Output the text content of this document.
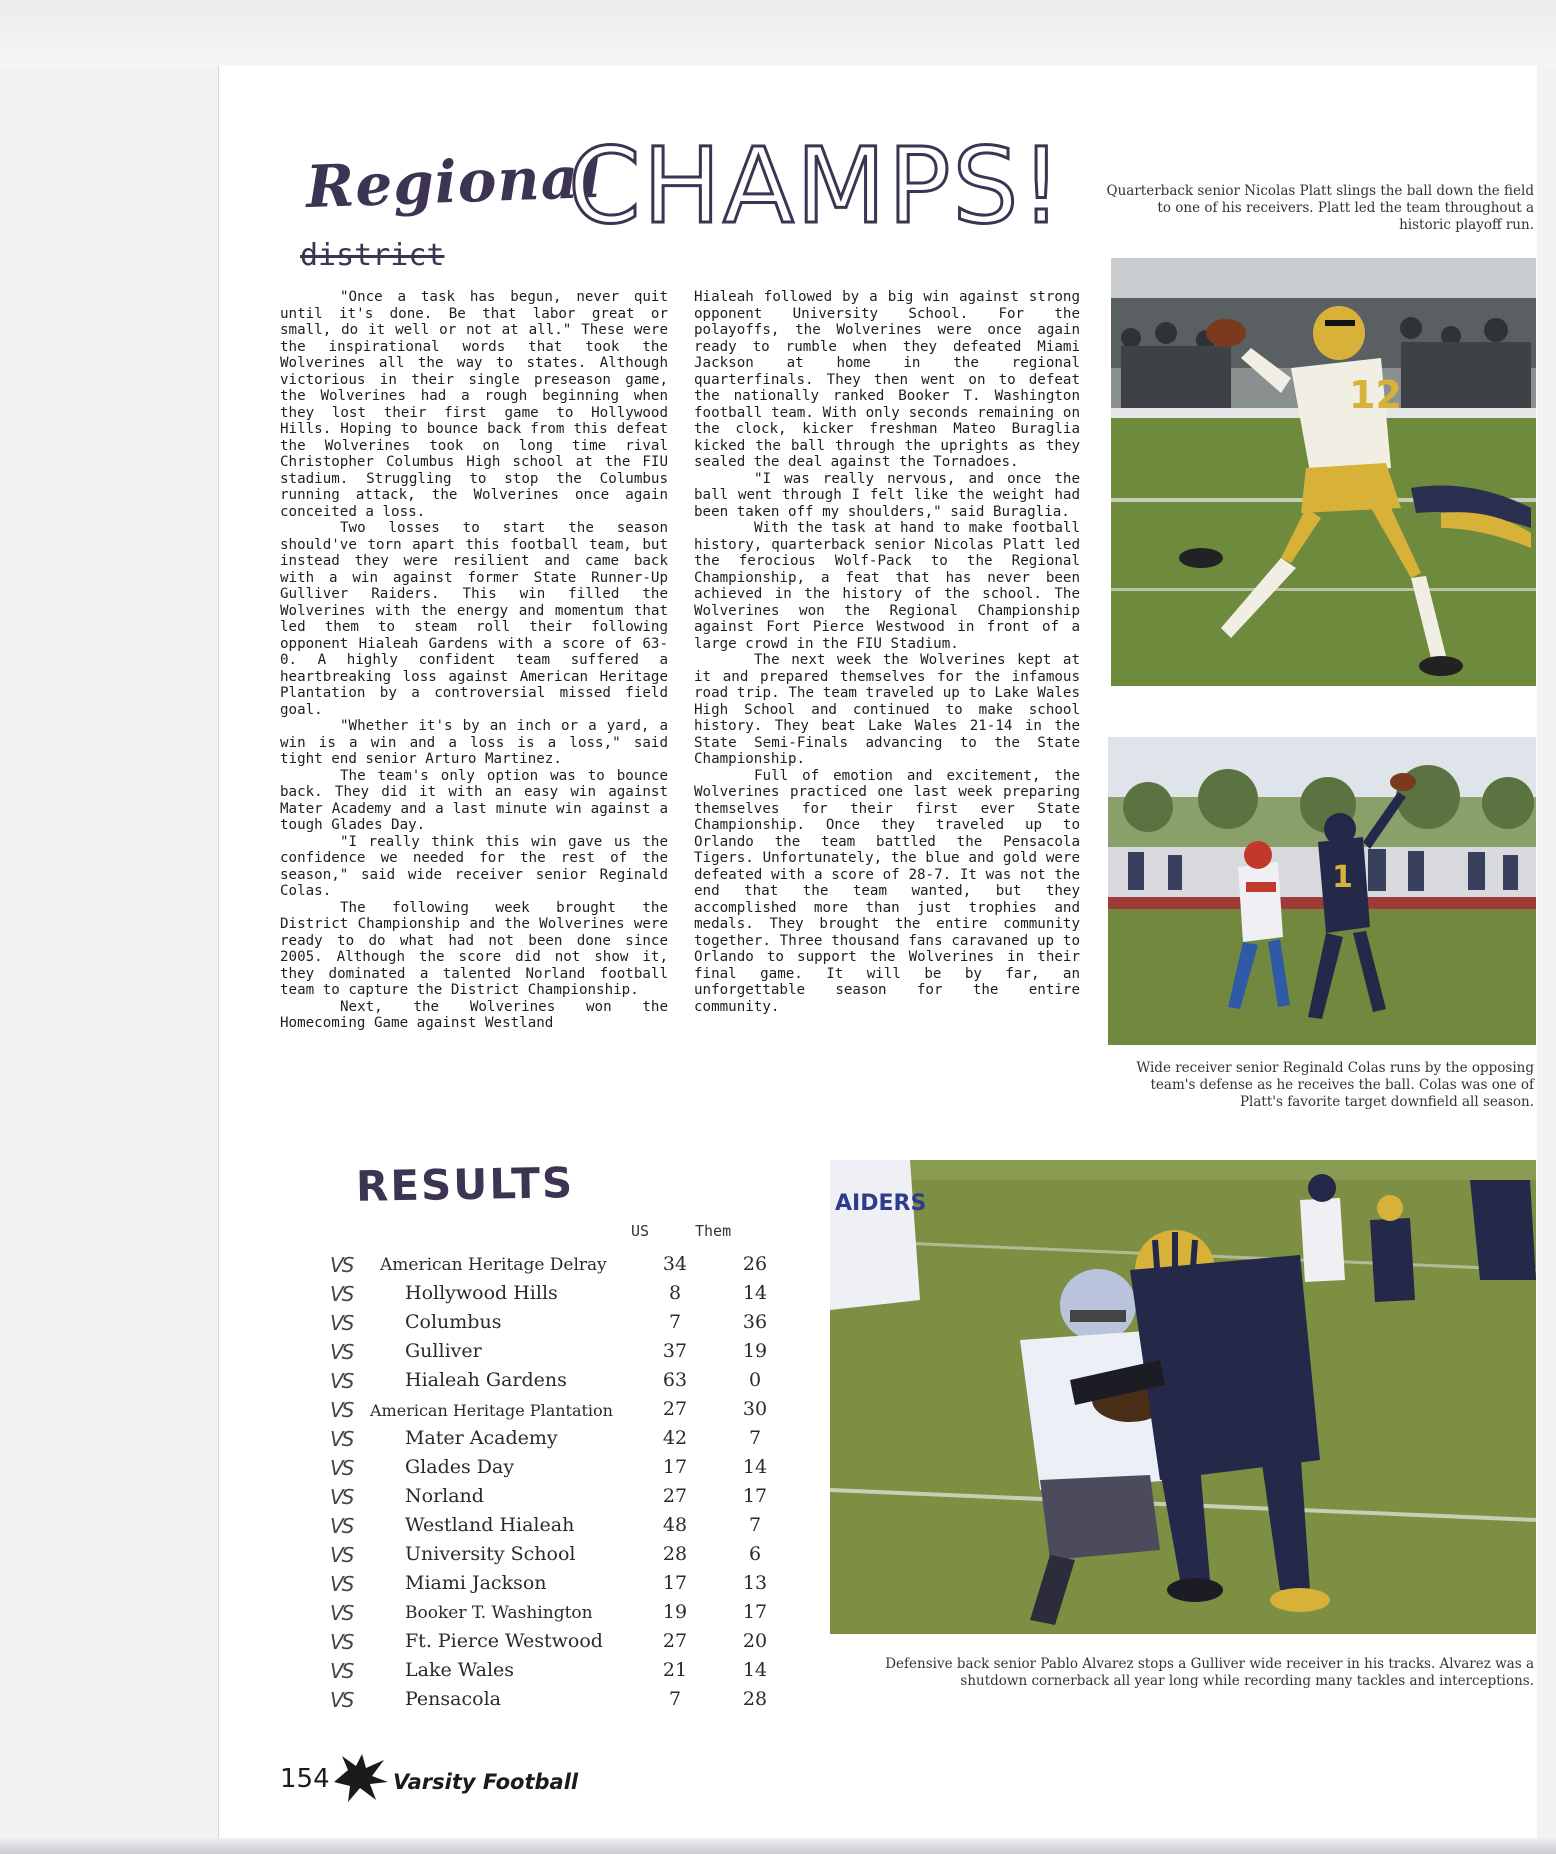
Regional
district
CHAMPS!

"Once a task has begun, never quit until it's done. Be that labor great or small, do it well or not at all." These were the inspirational words that took the Wolverines all the way to states. Although victorious in their single preseason game, the Wolverines had a rough beginning when they lost their first game to Hollywood Hills. Hoping to bounce back from this defeat the Wolverines took on long time rival Christopher Columbus High school at the FIU stadium. Struggling to stop the Columbus running attack, the Wolverines once again conceited a loss.

Two losses to start the season should've torn apart this football team, but instead they were resilient and came back with a win against former State Runner-Up Gulliver Raiders. This win filled the Wolverines with the energy and momentum that led them to steam roll their following opponent Hialeah Gardens with a score of 63-0. A highly confident team suffered a heartbreaking loss against American Heritage Plantation by a controversial missed field goal.

"Whether it's by an inch or a yard, a win is a win and a loss is a loss," said tight end senior Arturo Martinez.

The team's only option was to bounce back. They did it with an easy win against Mater Academy and a last minute win against a tough Glades Day.

"I really think this win gave us the confidence we needed for the rest of the season," said wide receiver senior Reginald Colas.

The following week brought the District Championship and the Wolverines were ready to do what had not been done since 2005. Although the score did not show it, they dominated a talented Norland football team to capture the District Championship.

Next, the Wolverines won the Homecoming Game against Westland

Hialeah followed by a big win against strong opponent University School. For the polayoffs, the Wolverines were once again ready to rumble when they defeated Miami Jackson at home in the regional quarterfinals. They then went on to defeat the nationally ranked Booker T. Washington football team. With only seconds remaining on the clock, kicker freshman Mateo Buraglia kicked the ball through the uprights as they sealed the deal against the Tornadoes.

"I was really nervous, and once the ball went through I felt like the weight had been taken off my shoulders," said Buraglia.

With the task at hand to make football history, quarterback senior Nicolas Platt led the ferocious Wolf-Pack to the Regional Championship, a feat that has never been achieved in the history of the school. The Wolverines won the Regional Championship against Fort Pierce Westwood in front of a large crowd in the FIU Stadium.

The next week the Wolverines kept at it and prepared themselves for the infamous road trip. The team traveled up to Lake Wales High School and continued to make school history. They beat Lake Wales 21-14 in the State Semi-Finals advancing to the State Championship.

Full of emotion and excitement, the Wolverines practiced one last week preparing themselves for their first ever State Championship. Once they traveled up to Orlando the team battled the Pensacola Tigers. Unfortunately, the blue and gold were defeated with a score of 28-7. It was not the end that the team wanted, but they accomplished more than just trophies and medals. They brought the entire community together. Three thousand fans caravaned up to Orlando to support the Wolverines in their final game. It will be by far, an unforgettable season for the entire community.

Quarterback senior Nicolas Platt slings the ball down the field to one of his receivers. Platt led the team throughout a historic playoff run.
Wide receiver senior Reginald Colas runs by the opposing team's defense as he receives the ball. Colas was one of Platt's favorite target downfield all season.
Defensive back senior Pablo Alvarez stops a Gulliver wide receiver in his tracks. Alvarez was a shutdown cornerback all year long while recording many tackles and interceptions.
12
1
AIDERS
RESULTS
US	Them
VS American Heritage Delray	34	26
VS	Hollywood Hills	8	14
VS	Columbus	7	36
VS	Gulliver	37	19
VS	Hialeah Gardens	63	0
VS American Heritage Plantation	27	30
VS	Mater Academy	42	7
VS	Glades Day	17	14
VS	Norland	27	17
VS	Westland Hialeah	48	7
VS	University School	28	6
VS	Miami Jackson	17	13
VS	Booker T. Washington	19	17
VS	Ft. Pierce Westwood	27	20
VS	Lake Wales	21	14
VS	Pensacola	7	28
154	Varsity Football
